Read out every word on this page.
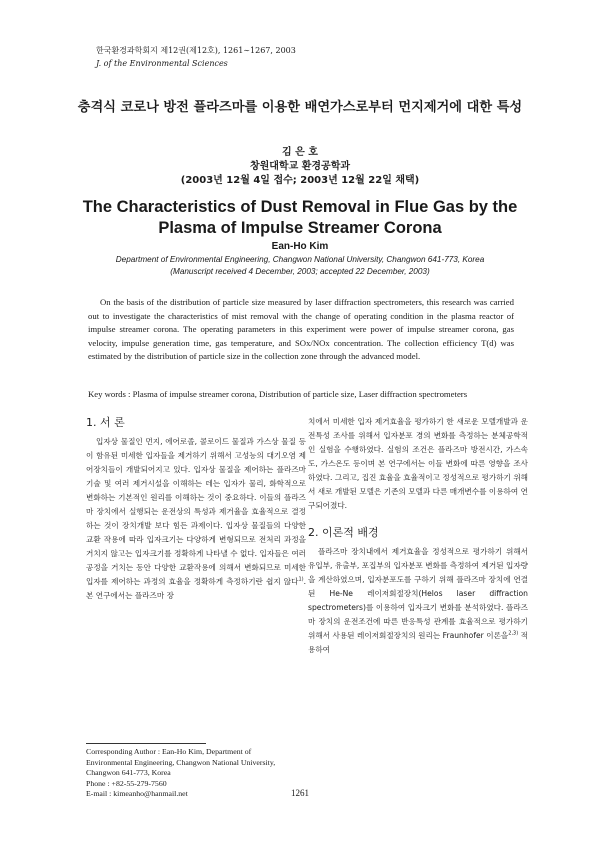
한국환경과학회지 제12권(제12호), 1261∼1267, 2003
J. of the Environmental Sciences
충격식 코로나 방전 플라즈마를 이용한 배연가스로부터 먼지제거에 대한 특성
김 은 호
창원대학교 환경공학과
(2003년 12월 4일 접수; 2003년 12월 22일 채택)
The Characteristics of Dust Removal in Flue Gas by the Plasma of Impulse Streamer Corona
Ean-Ho Kim
Department of Environmental Engineering, Changwon National University, Changwon 641-773, Korea
(Manuscript received 4 December, 2003; accepted 22 December, 2003)
On the basis of the distribution of particle size measured by laser diffraction spectrometers, this research was carried out to investigate the characteristics of mist removal with the change of operating condition in the plasma reactor of impulse streamer corona. The operating parameters in this experiment were power of impulse streamer corona, gas velocity, impulse generation time, gas temperature, and SOx/NOx concentration. The collection efficiency T(d) was estimated by the distribution of particle size in the collection zone through the advanced model.
Key words : Plasma of impulse streamer corona, Distribution of particle size, Laser diffraction spectrometers
1. 서 론

입자상 물질인 먼지, 에어로졸, 콜로이드 물질과 가스상 물질 등이 함유된 미세한 입자들을 제거하기 위해서 고성능의 대기오염 제어장치들이 개발되어지고 있다. 입자상 물질을 제어하는 플라즈마 기술 및 여러 제거시설을 이해하는 데는 입자가 물리, 화학적으로 변화하는 기본적인 원리를 이해하는 것이 중요하다. 이들의 플라즈마 장치에서 실행되는 운전상의 특성과 제거율을 효율적으로 결정하는 것이 장치개발 보다 힘든 과제이다. 입자상 물질들의 다양한 교환 작용에 따라 입자크기는 다양하게 변형되므로 전처리 과정을 거치지 않고는 입자크기를 정확하게 나타낼 수 없다. 입자들은 여러 공정을 거치는 동안 다양한 교환작용에 의해서 변화되므로 미세한 입자를 제어하는 과정의 효율을 정확하게 측정하기란 쉽지 않다$^{1)}$. 본 연구에서는 플라즈마 장

치에서 미세한 입자 제거효율을 평가하기 한 새로운 모델개발과 운전특성 조사를 위해서 입자분포 경의 변화를 측정하는 분체공학적인 실험을 수행하였다. 실험의 조건은 플라즈마 방전시간, 가스속도, 가스온도 등이며 본 연구에서는 이들 변화에 따른 영향을 조사하였다. 그리고, 집진 효율을 효율적이고 정성적으로 평가하기 위해서 새로 개발된 모델은 기존의 모델과 다른 매개변수를 이용하여 연구되어졌다.

2. 이론적 배경

플라즈마 장치내에서 제거효율을 정성적으로 평가하기 위해서 유입부, 유출부, 포집부의 입자분포 변화를 측정하여 제거된 입자량을 계산하였으며, 입자분포도를 구하기 위해 플라즈마 장치에 연결된 He-Ne 레이저회절장치(Helos laser diffraction spectrometers)를 이용하여 입자크기 변화를 분석하였다. 플라즈마 장치의 운전조건에 따른 반응특성 관계를 효율적으로 평가하기 위해서 사용된 레이저회절장치의 원리는 Fraunhofer 이론을$^{2,3)}$ 적용하여

Corresponding Author : Ean-Ho Kim, Department of Environmental Engineering, Changwon National University, Changwon 641-773, Korea
Phone : +82-55-279-7560
E-mail : kimeanho@hanmail.net	1261
